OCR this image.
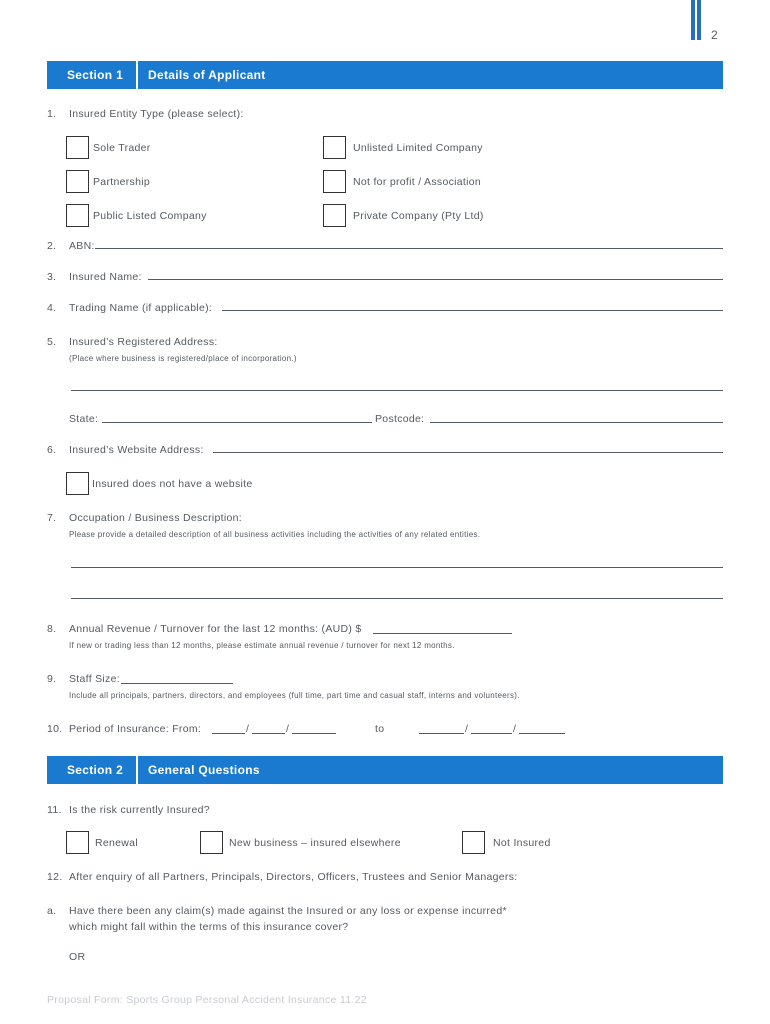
2
Section 1	Details of Applicant
1. Insured Entity Type (please select):
Sole Trader	Unlisted Limited Company
Partnership	Not for profit / Association
Public Listed Company	Private Company (Pty Ltd)
2. ABN:
3. Insured Name:
4. Trading Name (if applicable):
5. Insured’s Registered Address:
(Place where business is registered/place of incorporation.)
State:	Postcode:
6. Insured’s Website Address:
Insured does not have a website
7. Occupation / Business Description:
Please provide a detailed description of all business activities including the activities of any related entities.
8. Annual Revenue / Turnover for the last 12 months: (AUD) $
If new or trading less than 12 months, please estimate annual revenue / turnover for next 12 months.
9. Staff Size:
Include all principals, partners, directors, and employees (full time, part time and casual staff, interns and volunteers).
10. Period of Insurance: From:	/	/	to	/	/
Section 2	General Questions
11. Is the risk currently Insured?
Renewal	New business – insured elsewhere	Not Insured
12. After enquiry of all Partners, Principals, Directors, Officers, Trustees and Senior Managers:
a. Have there been any claim(s) made against the Insured or any loss or expense incurred*
which might fall within the terms of this insurance cover?
OR
Proposal Form: Sports Group Personal Accident Insurance 11.22
